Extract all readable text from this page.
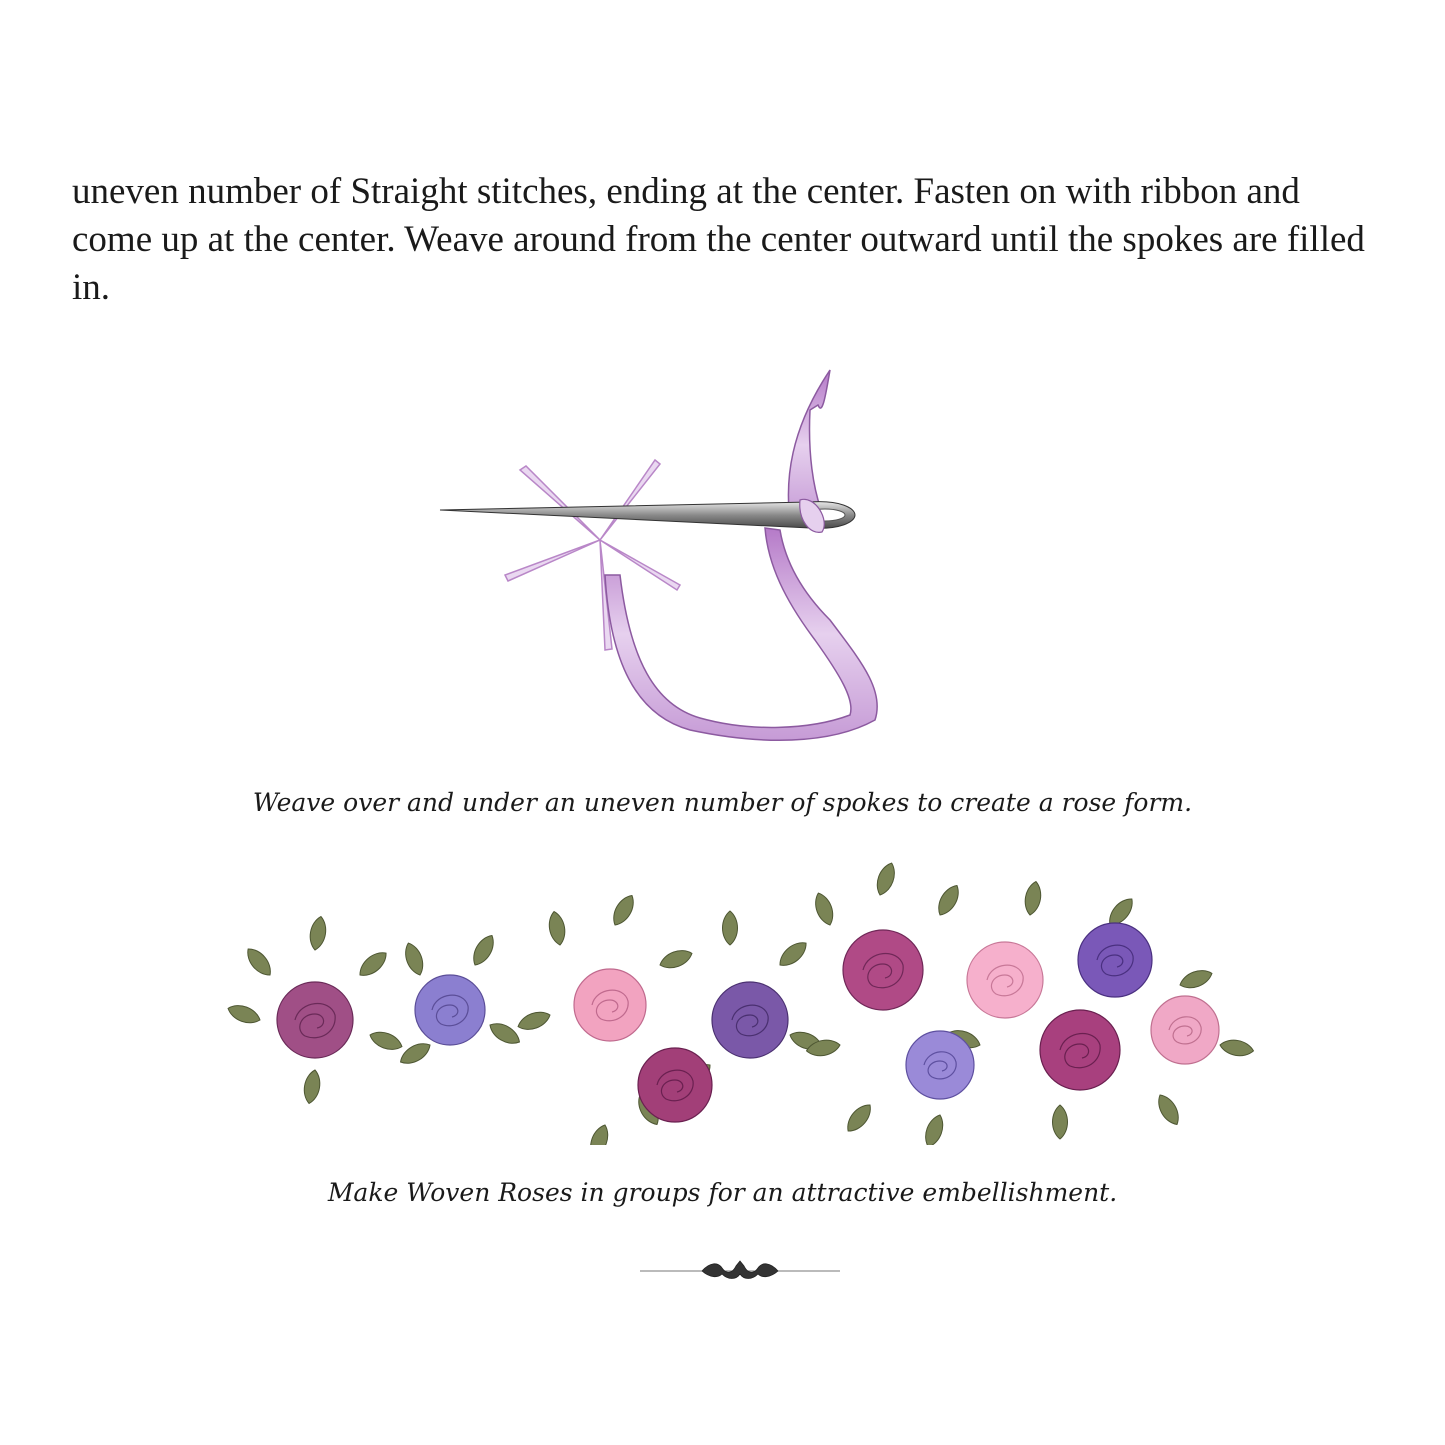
uneven number of Straight stitches, ending at the center. Fasten on with ribbon and come up at the center. Weave around from the center outward until the spokes are filled in.

Weave over and under an uneven number of spokes to create a rose form.

Make Woven Roses in groups for an attractive embellishment.
